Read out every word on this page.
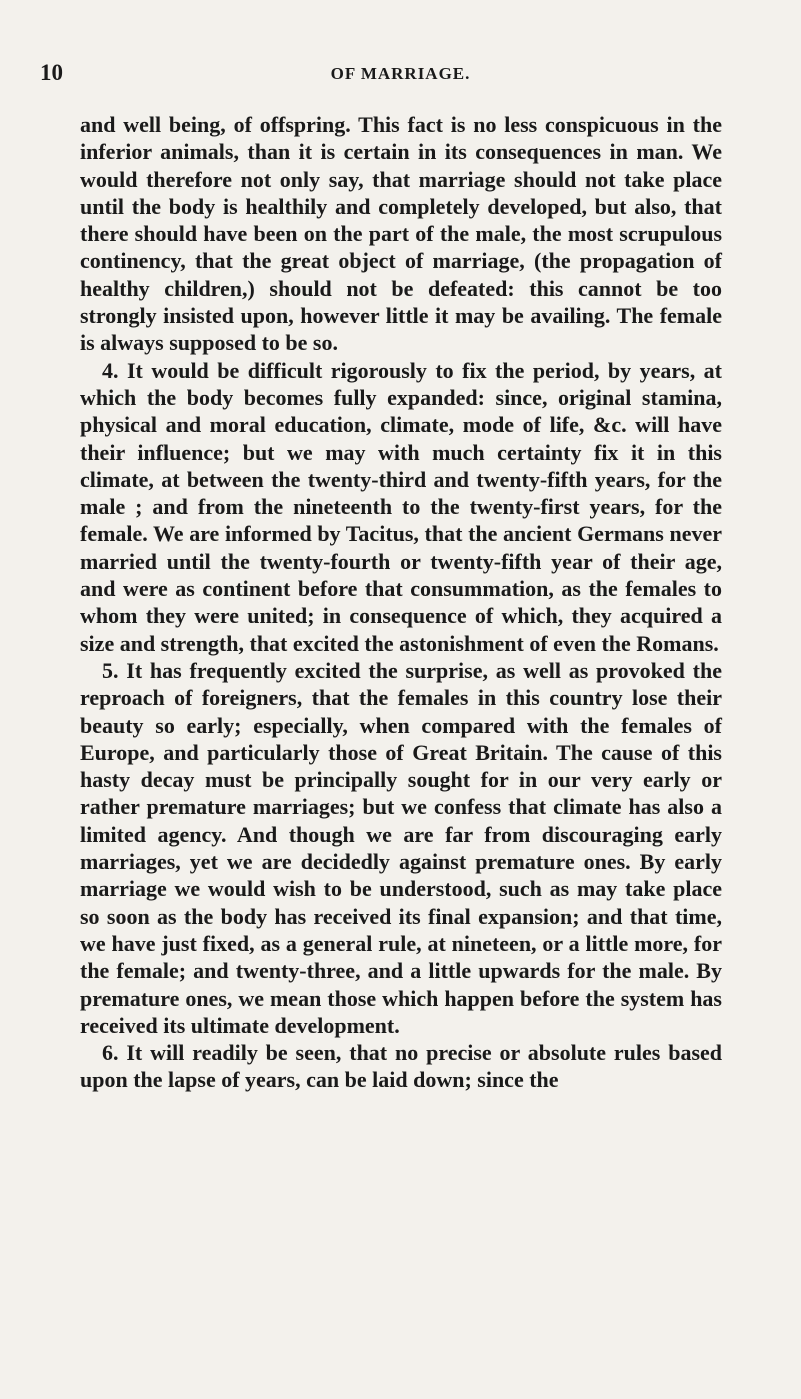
10	OF MARRIAGE.

and well being, of offspring. This fact is no less conspicuous in the inferior animals, than it is certain in its consequences in man. We would therefore not only say, that marriage should not take place until the body is healthily and completely developed, but also, that there should have been on the part of the male, the most scrupulous continency, that the great object of marriage, (the propagation of healthy children,) should not be defeated: this cannot be too strongly insisted upon, however little it may be availing. The female is always supposed to be so.

4. It would be difficult rigorously to fix the period, by years, at which the body becomes fully expanded: since, original stamina, physical and moral education, climate, mode of life, &c. will have their influence; but we may with much certainty fix it in this climate, at between the twenty-third and twenty-fifth years, for the male ; and from the nineteenth to the twenty-first years, for the female. We are informed by Tacitus, that the ancient Germans never married until the twenty-fourth or twenty-fifth year of their age, and were as continent before that consummation, as the females to whom they were united; in consequence of which, they acquired a size and strength, that excited the astonishment of even the Romans.

5. It has frequently excited the surprise, as well as provoked the reproach of foreigners, that the females in this country lose their beauty so early; especially, when compared with the females of Europe, and particularly those of Great Britain. The cause of this hasty decay must be principally sought for in our very early or rather premature marriages; but we confess that climate has also a limited agency. And though we are far from discouraging early marriages, yet we are decidedly against premature ones. By early marriage we would wish to be understood, such as may take place so soon as the body has received its final expansion; and that time, we have just fixed, as a general rule, at nineteen, or a little more, for the female; and twenty-three, and a little upwards for the male. By premature ones, we mean those which happen before the system has received its ultimate development.

6. It will readily be seen, that no precise or absolute rules based upon the lapse of years, can be laid down; since the
